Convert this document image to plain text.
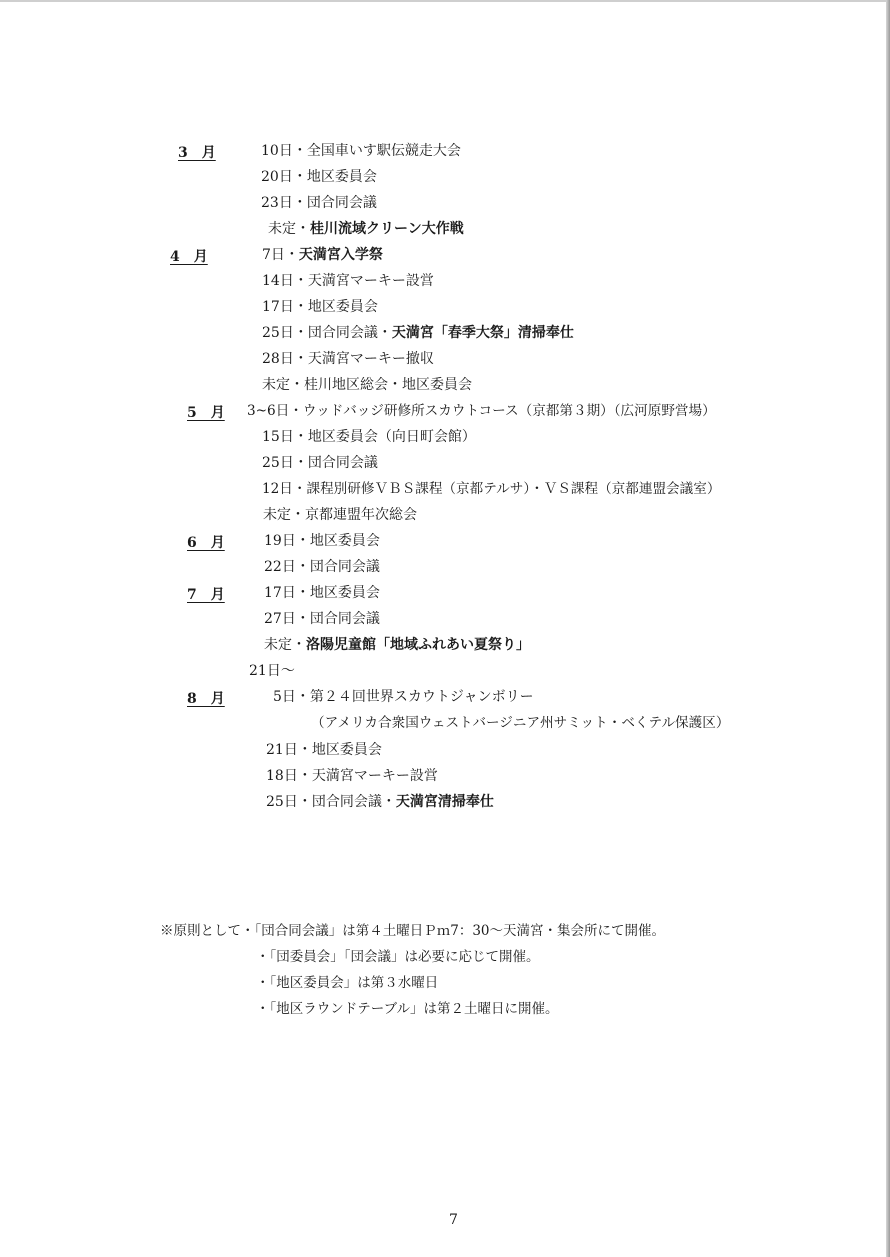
3　月	10日・全国車いす駅伝競走大会
20日・地区委員会
23日・団合同会議
未定・桂川流域クリーン大作戦
4　月	7日・天満宮入学祭
14日・天満宮マーキー設営
17日・地区委員会
25日・団合同会議・天満宮「春季大祭」清掃奉仕
28日・天満宮マーキー撤収
未定・桂川地区総会・地区委員会
5　月 3~6日・ウッドバッジ研修所スカウトコース（京都第３期）（広河原野営場）
15日・地区委員会（向日町会館）
25日・団合同会議
12日・課程別研修ＶＢＳ課程（京都テルサ）・ＶＳ課程（京都連盟会議室）
未定・京都連盟年次総会
6　月	19日・地区委員会
22日・団合同会議
7　月	17日・地区委員会
27日・団合同会議
未定・洛陽児童館「地域ふれあい夏祭り」
21日～
8　月	5日・第２４回世界スカウトジャンボリー
（アメリカ合衆国ウェストバージニア州サミット・ベくテル保護区）
21日・地区委員会
18日・天満宮マーキー設営
25日・団合同会議・天満宮清掃奉仕
※原則として・「団合同会議」は第４土曜日Ｐｍ7：30～天満宮・集会所にて開催。
・「団委員会」「団会議」は必要に応じて開催。
・「地区委員会」は第３水曜日
・「地区ラウンドテーブル」は第２土曜日に開催。
7
